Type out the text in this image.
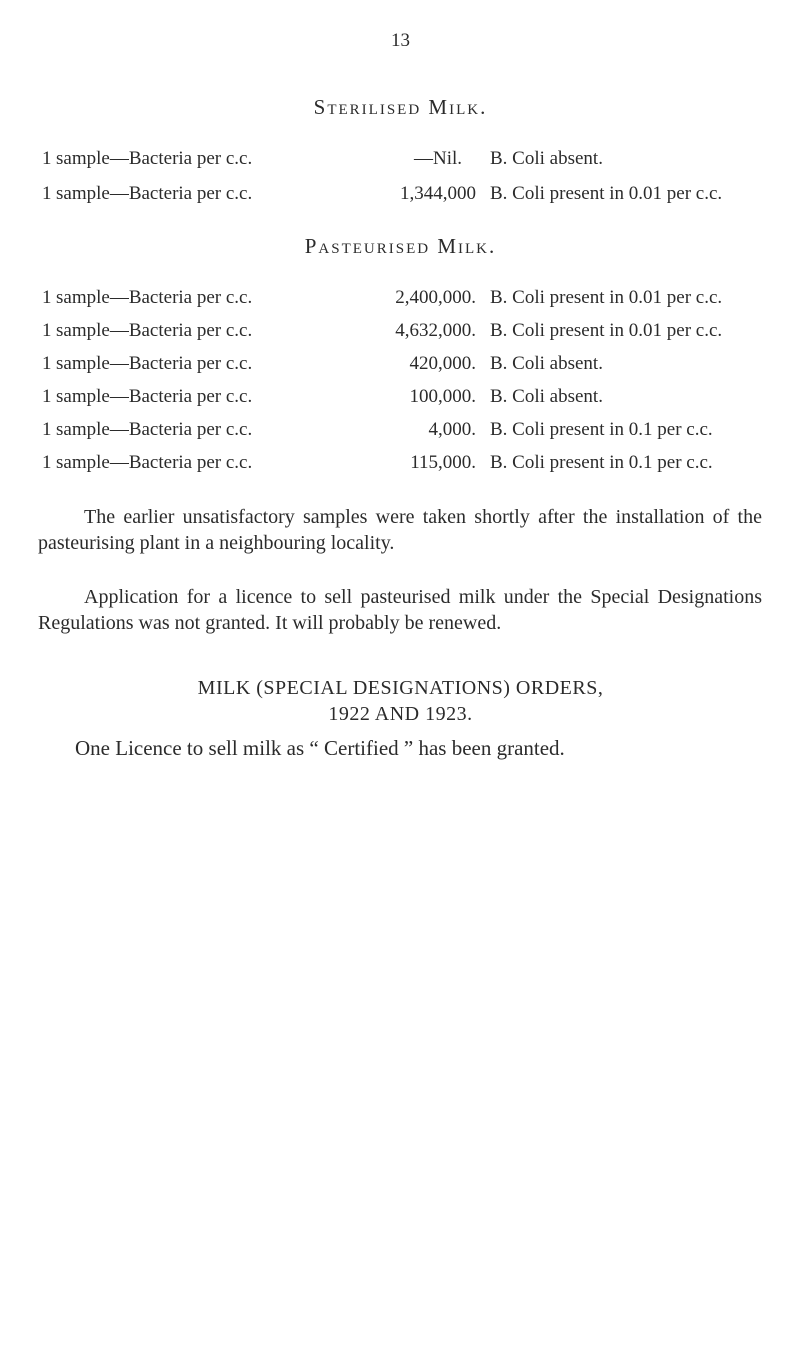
13
Sterilised Milk.
1 sample—Bacteria per c.c.	—Nil.	B. Coli absent.
1 sample—Bacteria per c.c.	1,344,000 B. Coli present in 0.01 per c.c.
Pasteurised Milk.
1 sample—Bacteria per c.c.	2,400,000. B. Coli present in 0.01 per c.c.
1 sample—Bacteria per c.c.	4,632,000. B. Coli present in 0.01 per c.c.
1 sample—Bacteria per c.c.	420,000. B. Coli absent.
1 sample—Bacteria per c.c.	100,000. B. Coli absent.
1 sample—Bacteria per c.c.	4,000. B. Coli present in 0.1 per c.c.
1 sample—Bacteria per c.c.	115,000. B. Coli present in 0.1 per c.c.
The earlier unsatisfactory samples were taken shortly after the installation of the pasteurising plant in a neighbouring locality.
Application for a licence to sell pasteurised milk under the Special Designations Regulations was not granted. It will probably be renewed.
MILK (SPECIAL DESIGNATIONS) ORDERS,
1922 AND 1923.
One Licence to sell milk as “ Certified ” has been granted.
